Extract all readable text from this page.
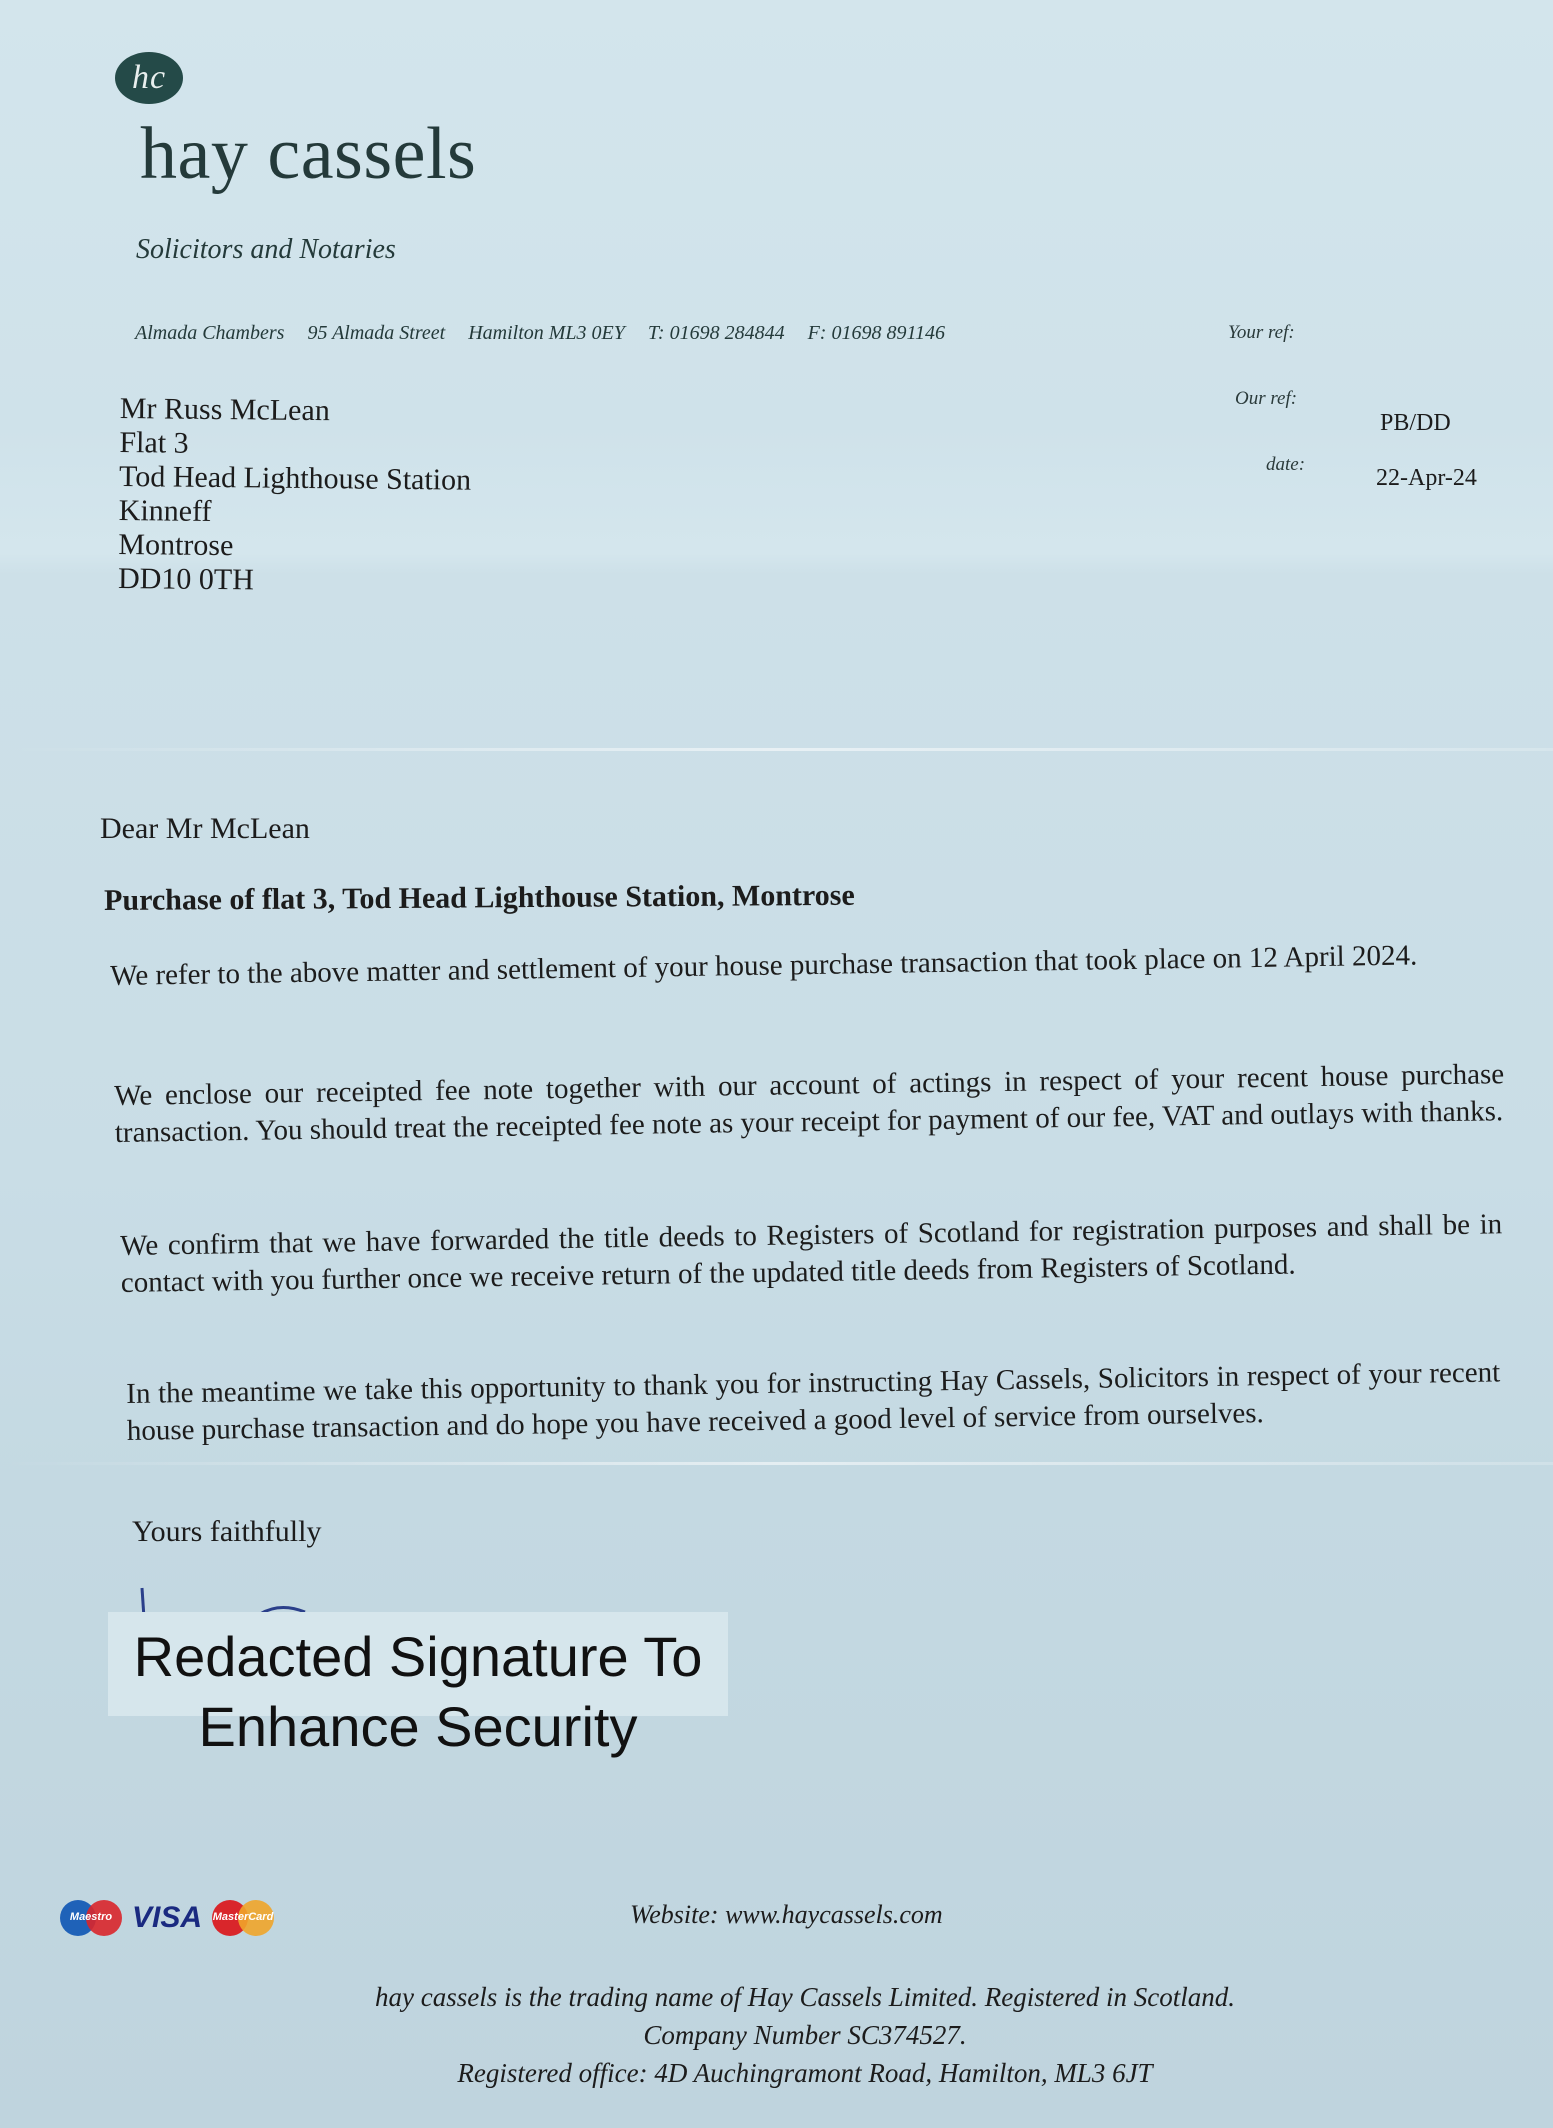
hc
hay cassels
Solicitors and Notaries
Almada Chambers 95 Almada Street Hamilton ML3 0EY T: 01698 284844 F: 01698 891146	Your ref:
Our ref:
PB/DD
date:
22-Apr-24
Mr Russ McLean
Flat 3
Tod Head Lighthouse Station
Kinneff
Montrose
DD10 0TH
Dear Mr McLean
Purchase of flat 3, Tod Head Lighthouse Station, Montrose
We refer to the above matter and settlement of your house purchase transaction that took place on 12 April 2024.
We enclose our receipted fee note together with our account of actings in respect of your recent house purchase transaction. You should treat the receipted fee note as your receipt for payment of our fee, VAT and outlays with thanks.
We confirm that we have forwarded the title deeds to Registers of Scotland for registration purposes and shall be in contact with you further once we receive return of the updated title deeds from Registers of Scotland.
In the meantime we take this opportunity to thank you for instructing Hay Cassels, Solicitors in respect of your recent house purchase transaction and do hope you have received a good level of service from ourselves.
Yours faithfully
Redacted Signature To
Enhance Security
Maestro VISA MasterCard	Website: www.haycassels.com
hay cassels is the trading name of Hay Cassels Limited. Registered in Scotland.
Company Number SC374527.
Registered office: 4D Auchingramont Road, Hamilton, ML3 6JT
